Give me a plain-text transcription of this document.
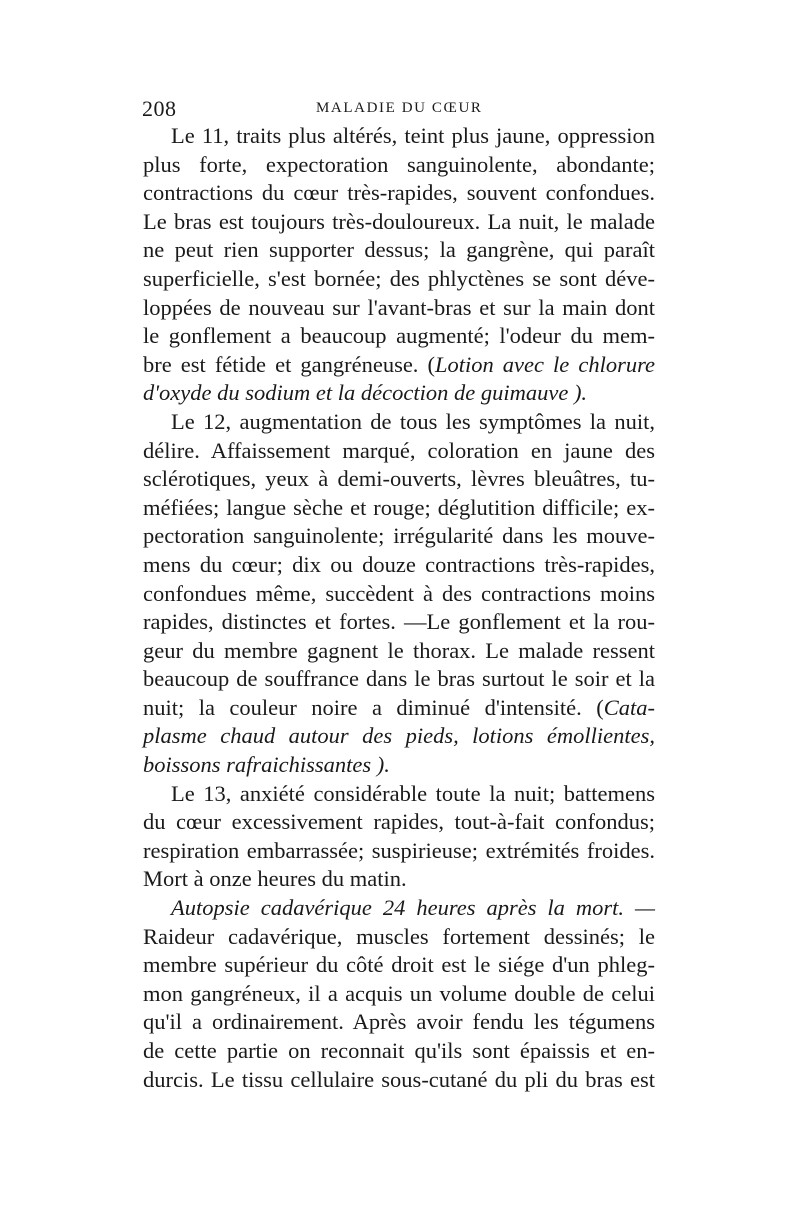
208	MALADIE DU CŒUR
Le 11, traits plus altérés, teint plus jaune, oppression
plus forte, expectoration sanguinolente, abondante;
contractions du cœur très-rapides, souvent confondues.
Le bras est toujours très-douloureux. La nuit, le malade
ne peut rien supporter dessus; la gangrène, qui paraît
superficielle, s'est bornée; des phlyctènes se sont déve-
loppées de nouveau sur l'avant-bras et sur la main dont
le gonflement a beaucoup augmenté; l'odeur du mem-
bre est fétide et gangréneuse. (Lotion avec le chlorure
d'oxyde du sodium et la décoction de guimauve ).
Le 12, augmentation de tous les symptômes la nuit,
délire. Affaissement marqué, coloration en jaune des
sclérotiques, yeux à demi-ouverts, lèvres bleuâtres, tu-
méfiées; langue sèche et rouge; déglutition difficile; ex-
pectoration sanguinolente; irrégularité dans les mouve-
mens du cœur; dix ou douze contractions très-rapides,
confondues même, succèdent à des contractions moins
rapides, distinctes et fortes. —Le gonflement et la rou-
geur du membre gagnent le thorax. Le malade ressent
beaucoup de souffrance dans le bras surtout le soir et la
nuit; la couleur noire a diminué d'intensité. (Cata-
plasme chaud autour des pieds, lotions émollientes,
boissons rafraichissantes ).
Le 13, anxiété considérable toute la nuit; battemens
du cœur excessivement rapides, tout-à-fait confondus;
respiration embarrassée; suspirieuse; extrémités froides.
Mort à onze heures du matin.
Autopsie cadavérique 24 heures après la mort. —
Raideur cadavérique, muscles fortement dessinés; le
membre supérieur du côté droit est le siége d'un phleg-
mon gangréneux, il a acquis un volume double de celui
qu'il a ordinairement. Après avoir fendu les tégumens
de cette partie on reconnait qu'ils sont épaissis et en-
durcis. Le tissu cellulaire sous-cutané du pli du bras est
